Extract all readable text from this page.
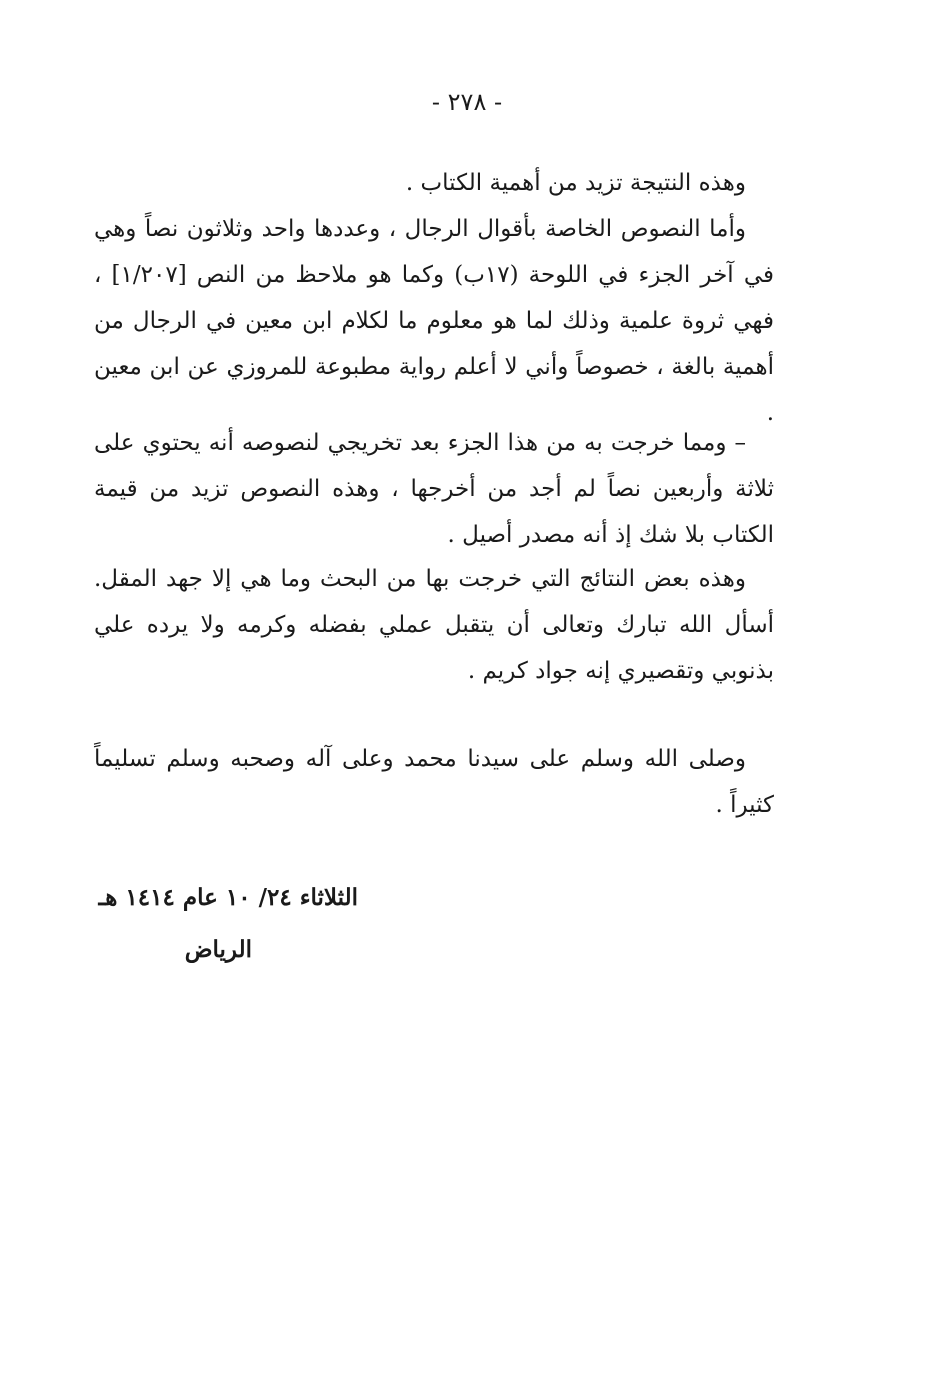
- ٢٧٨ -

وهذه النتيجة تزيد من أهمية الكتاب .

وأما النصوص الخاصة بأقوال الرجال ، وعددها واحد وثلاثون نصاً وهي في آخر الجزء في اللوحة (١٧ب) وكما هو ملاحظ من النص [١/٢٠٧] ، فهي ثروة علمية وذلك لما هو معلوم ما لكلام ابن معين في الرجال من أهمية بالغة ، خصوصاً وأني لا أعلم رواية مطبوعة للمروزي عن ابن معين .

– ومما خرجت به من هذا الجزء بعد تخريجي لنصوصه أنه يحتوي على ثلاثة وأربعين نصاً لم أجد من أخرجها ، وهذه النصوص تزيد من قيمة الكتاب بلا شك إذ أنه مصدر أصيل .

وهذه بعض النتائج التي خرجت بها من البحث وما هي إلا جهد المقل. أسأل الله تبارك وتعالى أن يتقبل عملي بفضله وكرمه ولا يرده علي بذنوبي وتقصيري إنه جواد كريم .

وصلى الله وسلم على سيدنا محمد وعلى آله وصحبه وسلم تسليماً كثيراً .

الثلاثاء ٢٤/ ١٠ عام ١٤١٤ هـ
الرياض
